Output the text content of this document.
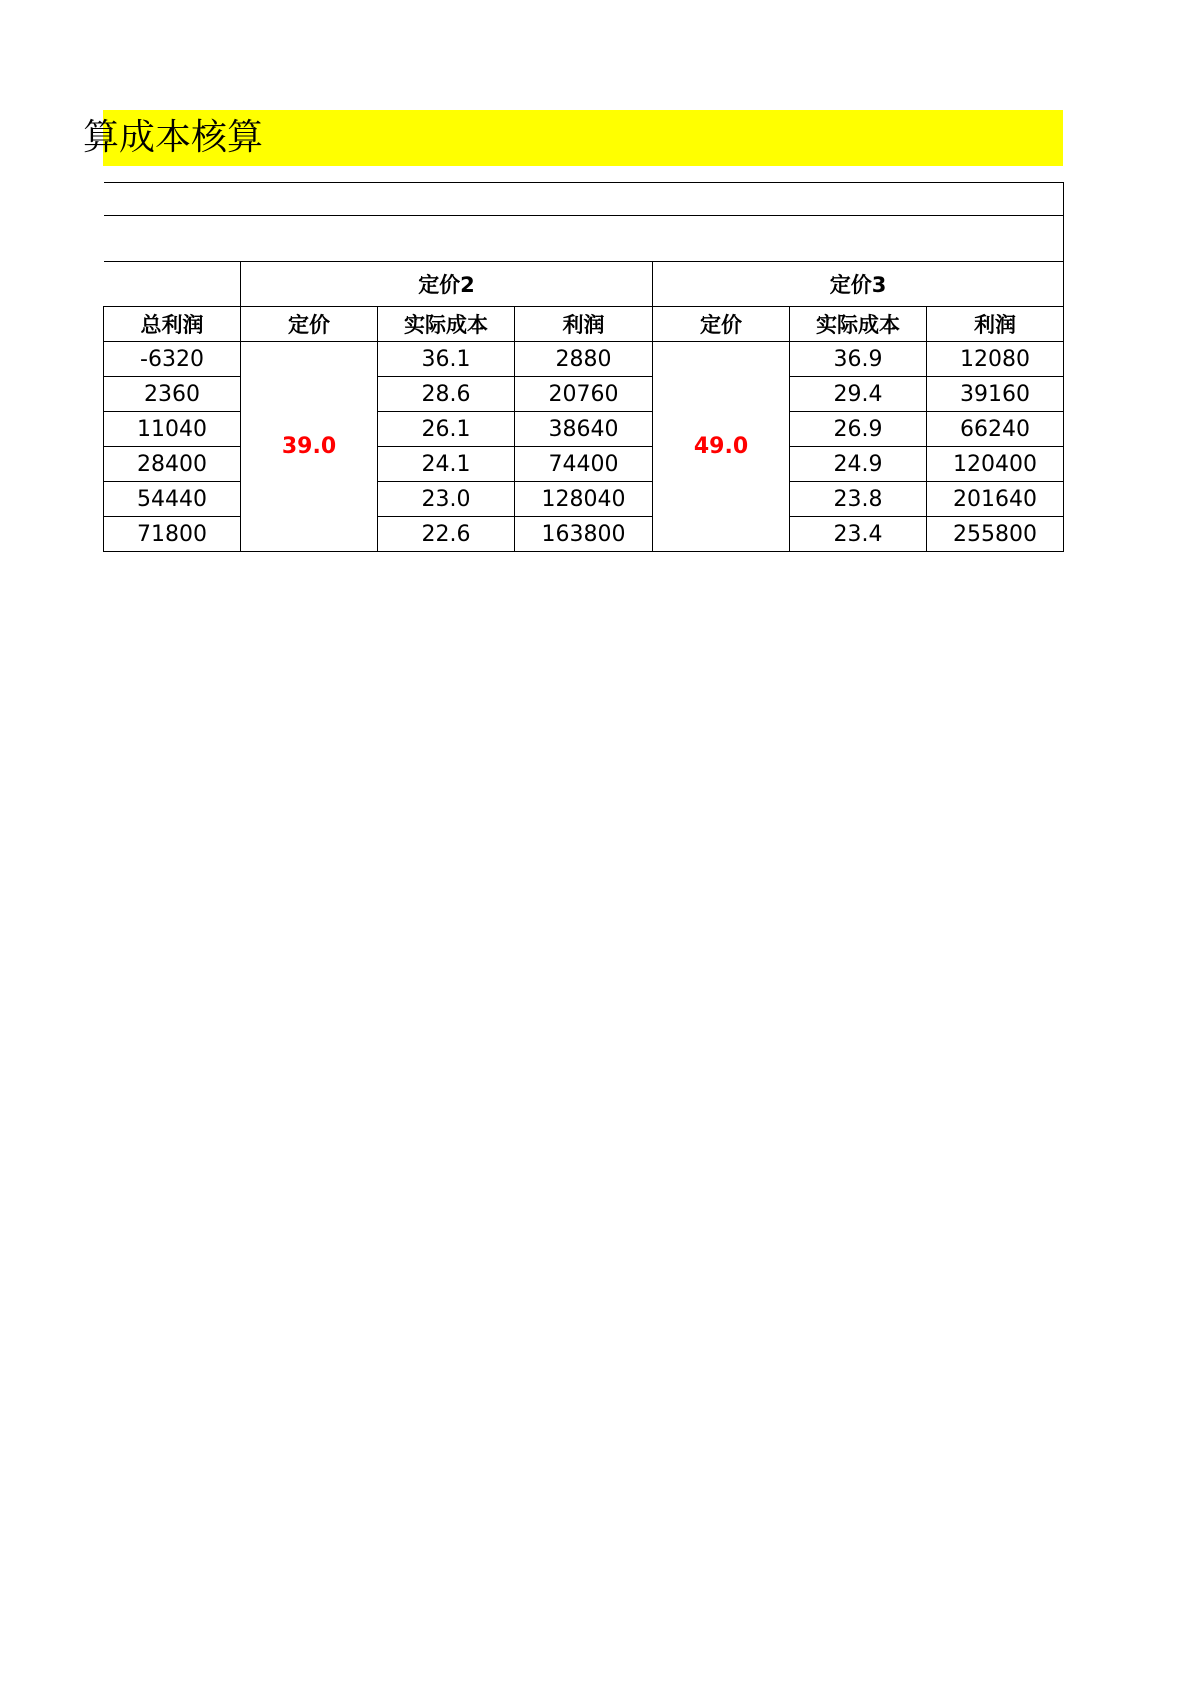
算成本核算

	定价2			定价3		
总利润	定价	实际成本	利润	定价	实际成本	利润
-6320	39.0	36.1	2880	49.0	36.9	12080
2360		28.6	20760		29.4	39160
11040		26.1	38640		26.9	66240
28400		24.1	74400		24.9	120400
54440		23.0	128040		23.8	201640
71800		22.6	163800		23.4	255800
